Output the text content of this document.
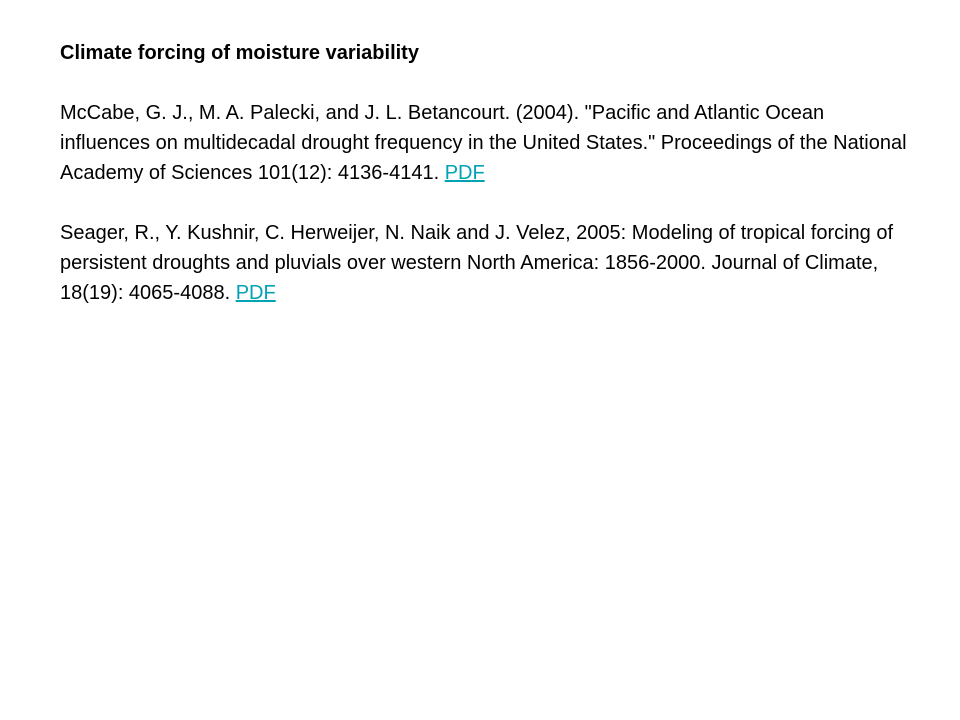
Climate forcing of moisture variability

McCabe, G. J., M. A. Palecki, and J. L. Betancourt. (2004). "Pacific and Atlantic Ocean influences on multidecadal drought frequency in the United States." Proceedings of the National Academy of Sciences 101(12): 4136-4141. PDF

Seager, R., Y. Kushnir, C. Herweijer, N. Naik and J. Velez, 2005: Modeling of tropical forcing of persistent droughts and pluvials over western North America: 1856-2000. Journal of Climate, 18(19): 4065-4088. PDF
